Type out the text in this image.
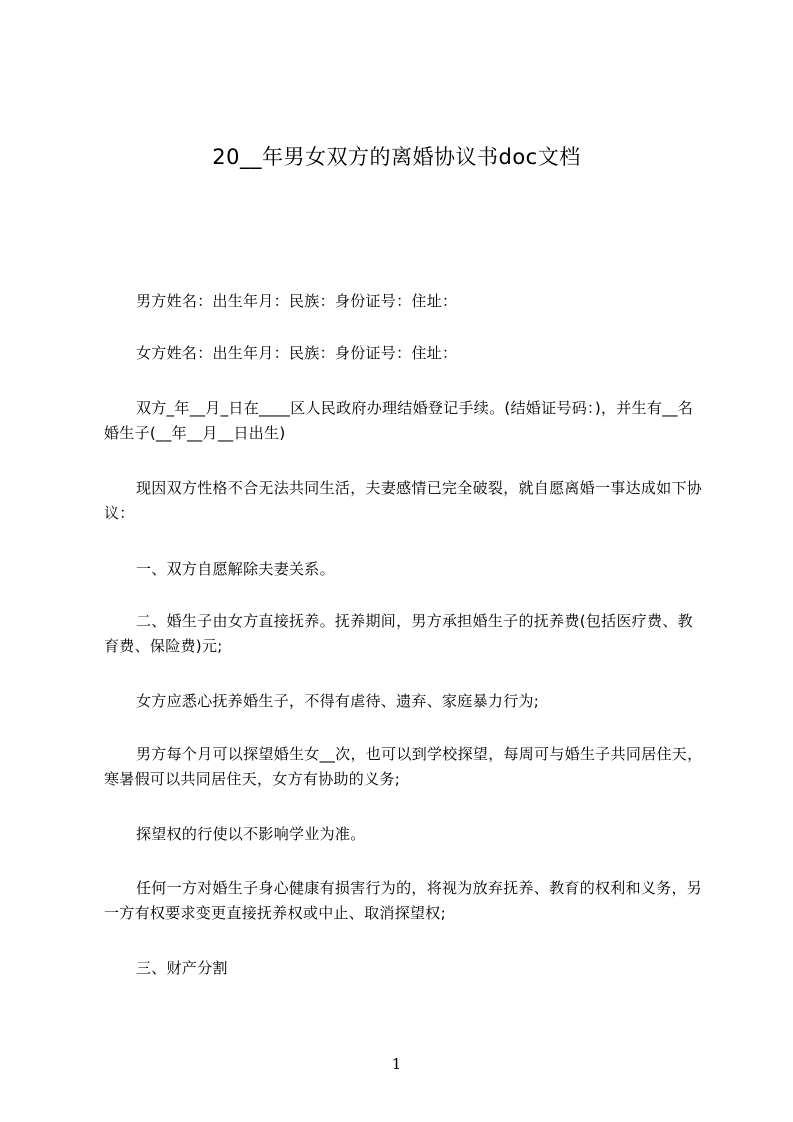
20__年男女双方的离婚协议书doc文档

男方姓名：出生年月：民族：身份证号：住址：

女方姓名：出生年月：民族：身份证号：住址：

双方_年__月_日在____区人民政府办理结婚登记手续。(结婚证号码：)，并生有__名婚生子(__年__月__日出生)

现因双方性格不合无法共同生活，夫妻感情已完全破裂，就自愿离婚一事达成如下协议：

一、双方自愿解除夫妻关系。

二、婚生子由女方直接抚养。抚养期间，男方承担婚生子的抚养费(包括医疗费、教育费、保险费)元;

女方应悉心抚养婚生子，不得有虐待、遗弃、家庭暴力行为;

男方每个月可以探望婚生女__次，也可以到学校探望，每周可与婚生子共同居住天，寒暑假可以共同居住天，女方有协助的义务;

探望权的行使以不影响学业为准。

任何一方对婚生子身心健康有损害行为的，将视为放弃抚养、教育的权利和义务，另一方有权要求变更直接抚养权或中止、取消探望权;

三、财产分割

1
